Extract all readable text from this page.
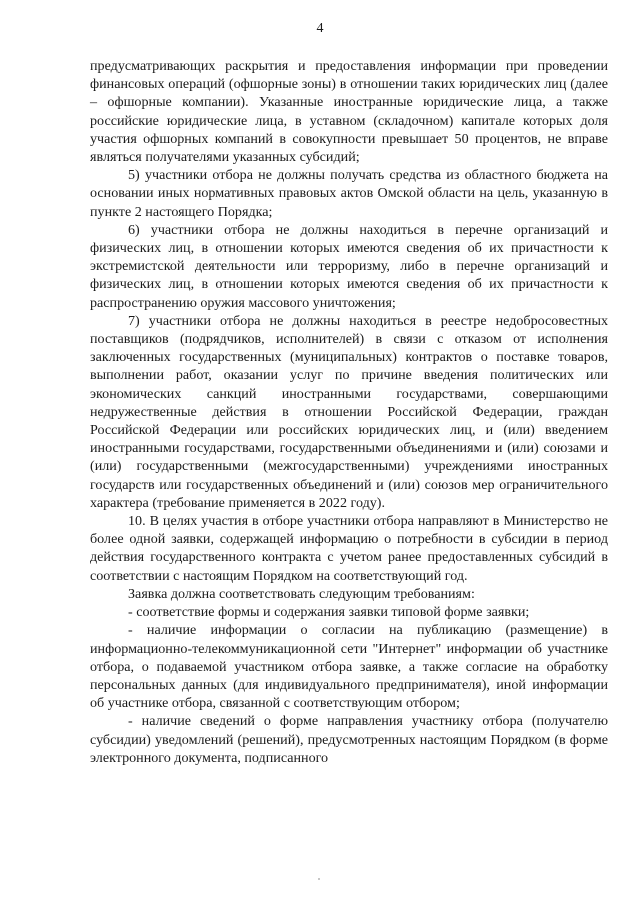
4

предусматривающих раскрытия и предоставления информации при проведении финансовых операций (офшорные зоны) в отношении таких юридических лиц (далее – офшорные компании). Указанные иностранные юридические лица, а также российские юридические лица, в уставном (складочном) капитале которых доля участия офшорных компаний в совокупности превышает 50 процентов, не вправе являться получателями указанных субсидий;

5) участники отбора не должны получать средства из областного бюджета на основании иных нормативных правовых актов Омской области на цель, указанную в пункте 2 настоящего Порядка;

6) участники отбора не должны находиться в перечне организаций и физических лиц, в отношении которых имеются сведения об их причастности к экстремистской деятельности или терроризму, либо в перечне организаций и физических лиц, в отношении которых имеются сведения об их причастности к распространению оружия массового уничтожения;

7) участники отбора не должны находиться в реестре недобросовестных поставщиков (подрядчиков, исполнителей) в связи с отказом от исполнения заключенных государственных (муниципальных) контрактов о поставке товаров, выполнении работ, оказании услуг по причине введения политических или экономических санкций иностранными государствами, совершающими недружественные действия в отношении Российской Федерации, граждан Российской Федерации или российских юридических лиц, и (или) введением иностранными государствами, государственными объединениями и (или) союзами и (или) государственными (межгосударственными) учреждениями иностранных государств или государственных объединений и (или) союзов мер ограничительного характера (требование применяется в 2022 году).

10. В целях участия в отборе участники отбора направляют в Министерство не более одной заявки, содержащей информацию о потребности в субсидии в период действия государственного контракта с учетом ранее предоставленных субсидий в соответствии с настоящим Порядком на соответствующий год.

Заявка должна соответствовать следующим требованиям:

- соответствие формы и содержания заявки типовой форме заявки;

- наличие информации о согласии на публикацию (размещение) в информационно-телекоммуникационной сети "Интернет" информации об участнике отбора, о подаваемой участником отбора заявке, а также согласие на обработку персональных данных (для индивидуального предпринимателя), иной информации об участнике отбора, связанной с соответствующим отбором;

- наличие сведений о форме направления участнику отбора (получателю субсидии) уведомлений (решений), предусмотренных настоящим Порядком (в форме электронного документа, подписанного
